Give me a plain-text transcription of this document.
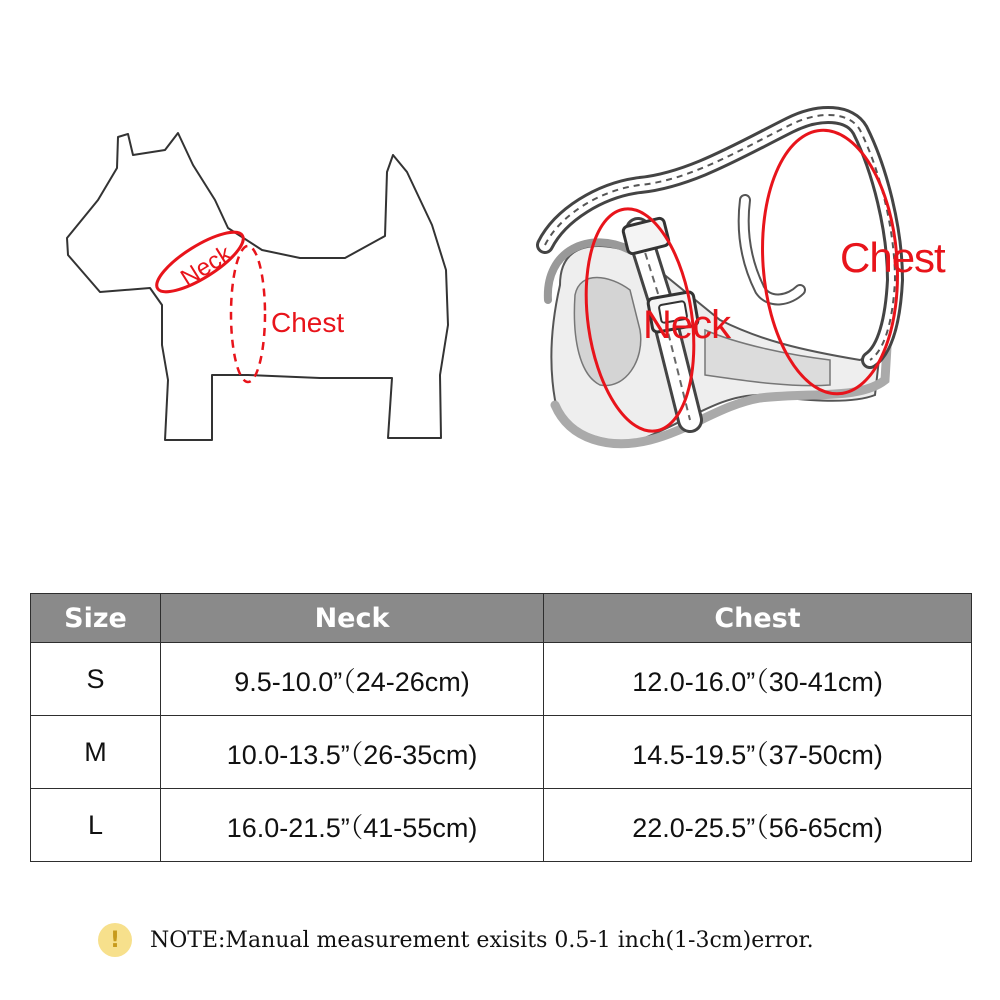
Neck
Chest	Neck
Chest
Size	Neck	Chest
S	9.5-10.0”（24-26cm)	12.0-16.0”（30-41cm)
M	10.0-13.5”（26-35cm)	14.5-19.5”（37-50cm)
L	16.0-21.5”（41-55cm)	22.0-25.5”（56-65cm)
!	NOTE:Manual measurement exisits 0.5-1 inch(1-3cm)error.
